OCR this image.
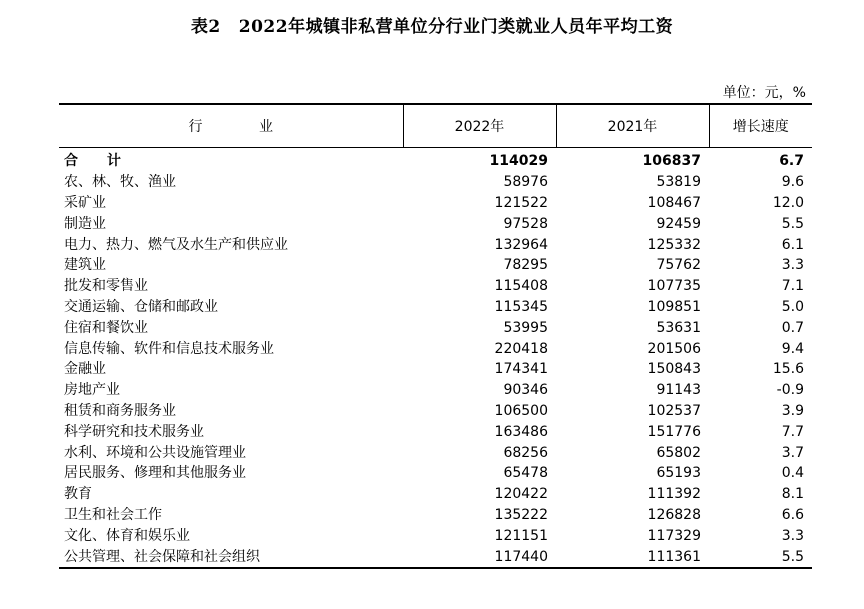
表2 2022年城镇非私营单位分行业门类就业人员年平均工资
单位：元，%
行 业	2022年	2021年	增长速度
合 计	114029	106837	6.7
农、林、牧、渔业	58976	53819	9.6
采矿业	121522	108467	12.0
制造业	97528	92459	5.5
电力、热力、燃气及水生产和供应业	132964	125332	6.1
建筑业	78295	75762	3.3
批发和零售业	115408	107735	7.1
交通运输、仓储和邮政业	115345	109851	5.0
住宿和餐饮业	53995	53631	0.7
信息传输、软件和信息技术服务业	220418	201506	9.4
金融业	174341	150843	15.6
房地产业	90346	91143	-0.9
租赁和商务服务业	106500	102537	3.9
科学研究和技术服务业	163486	151776	7.7
水利、环境和公共设施管理业	68256	65802	3.7
居民服务、修理和其他服务业	65478	65193	0.4
教育	120422	111392	8.1
卫生和社会工作	135222	126828	6.6
文化、体育和娱乐业	121151	117329	3.3
公共管理、社会保障和社会组织	117440	111361	5.5
